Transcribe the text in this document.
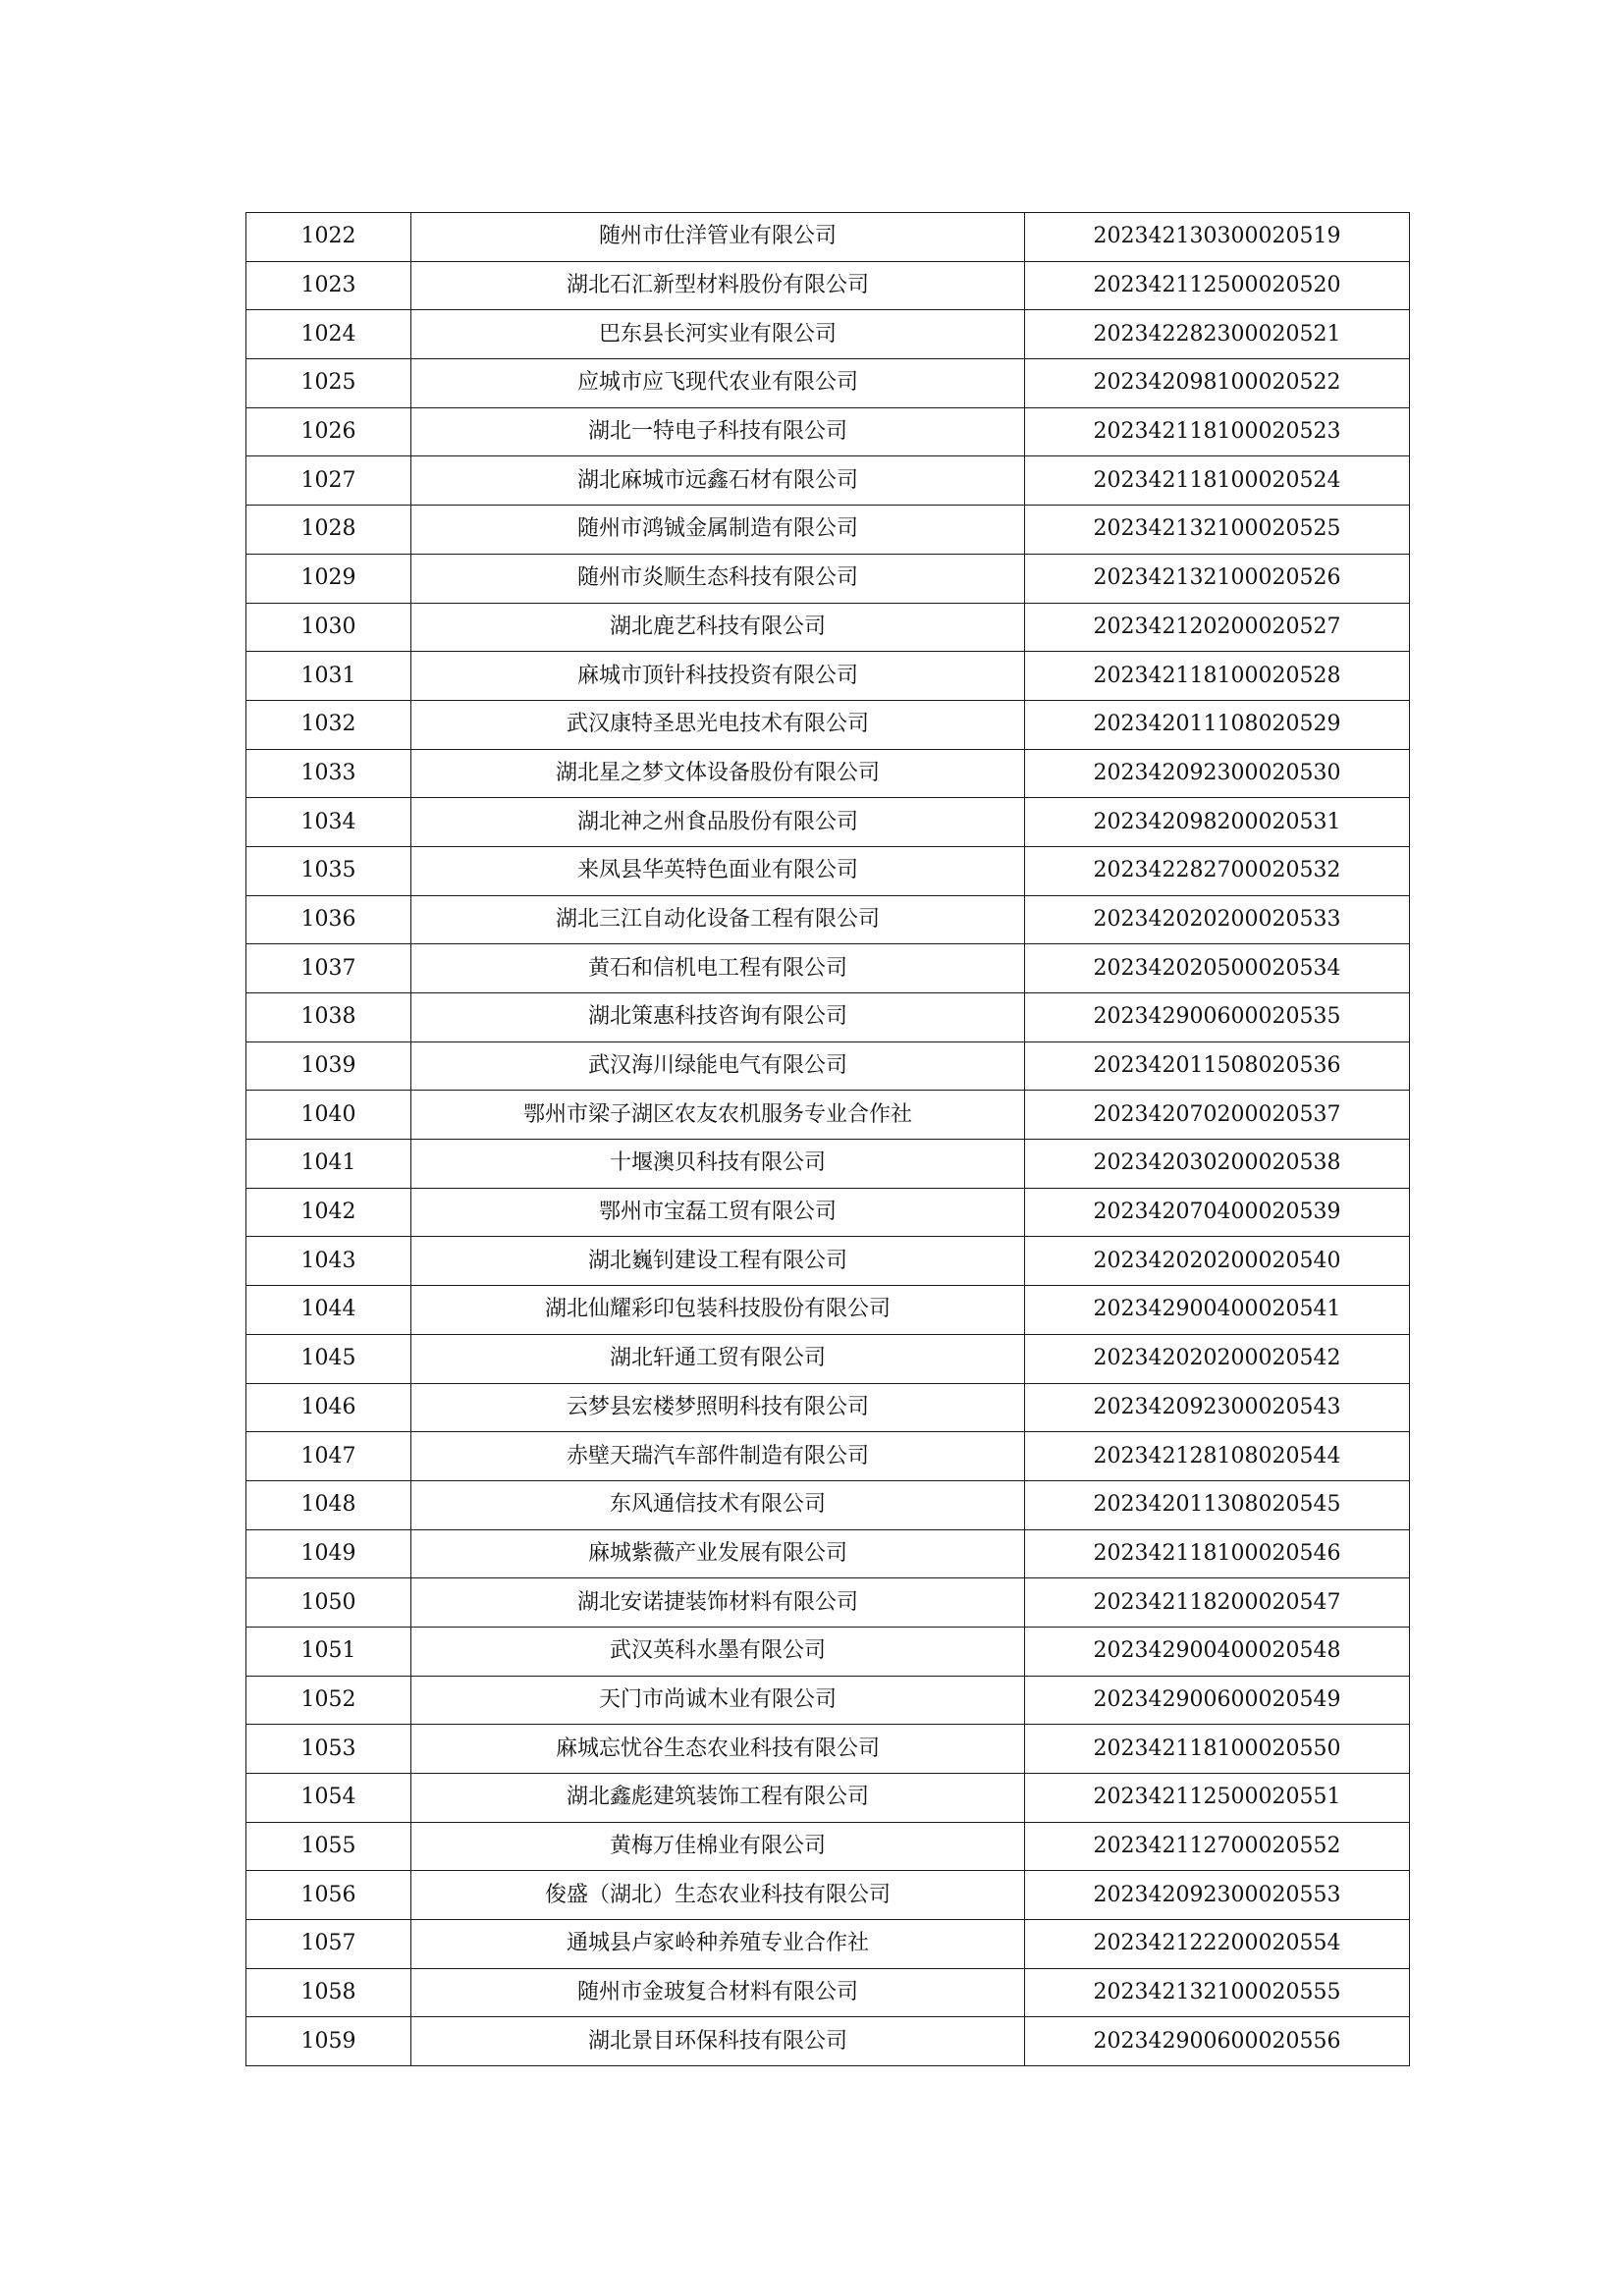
1022	随州市仕洋管业有限公司	202342130300020519
1023	湖北石汇新型材料股份有限公司	202342112500020520
1024	巴东县长河实业有限公司	202342282300020521
1025	应城市应飞现代农业有限公司	202342098100020522
1026	湖北一特电子科技有限公司	202342118100020523
1027	湖北麻城市远鑫石材有限公司	202342118100020524
1028	随州市鸿铖金属制造有限公司	202342132100020525
1029	随州市炎顺生态科技有限公司	202342132100020526
1030	湖北鹿艺科技有限公司	202342120200020527
1031	麻城市顶针科技投资有限公司	202342118100020528
1032	武汉康特圣思光电技术有限公司	202342011108020529
1033	湖北星之梦文体设备股份有限公司	202342092300020530
1034	湖北神之州食品股份有限公司	202342098200020531
1035	来凤县华英特色面业有限公司	202342282700020532
1036	湖北三江自动化设备工程有限公司	202342020200020533
1037	黄石和信机电工程有限公司	202342020500020534
1038	湖北策惠科技咨询有限公司	202342900600020535
1039	武汉海川绿能电气有限公司	202342011508020536
1040	鄂州市梁子湖区农友农机服务专业合作社	202342070200020537
1041	十堰澳贝科技有限公司	202342030200020538
1042	鄂州市宝磊工贸有限公司	202342070400020539
1043	湖北巍钊建设工程有限公司	202342020200020540
1044	湖北仙耀彩印包装科技股份有限公司	202342900400020541
1045	湖北轩通工贸有限公司	202342020200020542
1046	云梦县宏楼梦照明科技有限公司	202342092300020543
1047	赤壁天瑞汽车部件制造有限公司	202342128108020544
1048	东风通信技术有限公司	202342011308020545
1049	麻城紫薇产业发展有限公司	202342118100020546
1050	湖北安诺捷装饰材料有限公司	202342118200020547
1051	武汉英科水墨有限公司	202342900400020548
1052	天门市尚诚木业有限公司	202342900600020549
1053	麻城忘忧谷生态农业科技有限公司	202342118100020550
1054	湖北鑫彪建筑装饰工程有限公司	202342112500020551
1055	黄梅万佳棉业有限公司	202342112700020552
1056	俊盛（湖北）生态农业科技有限公司	202342092300020553
1057	通城县卢家岭种养殖专业合作社	202342122200020554
1058	随州市金玻复合材料有限公司	202342132100020555
1059	湖北景目环保科技有限公司	202342900600020556
